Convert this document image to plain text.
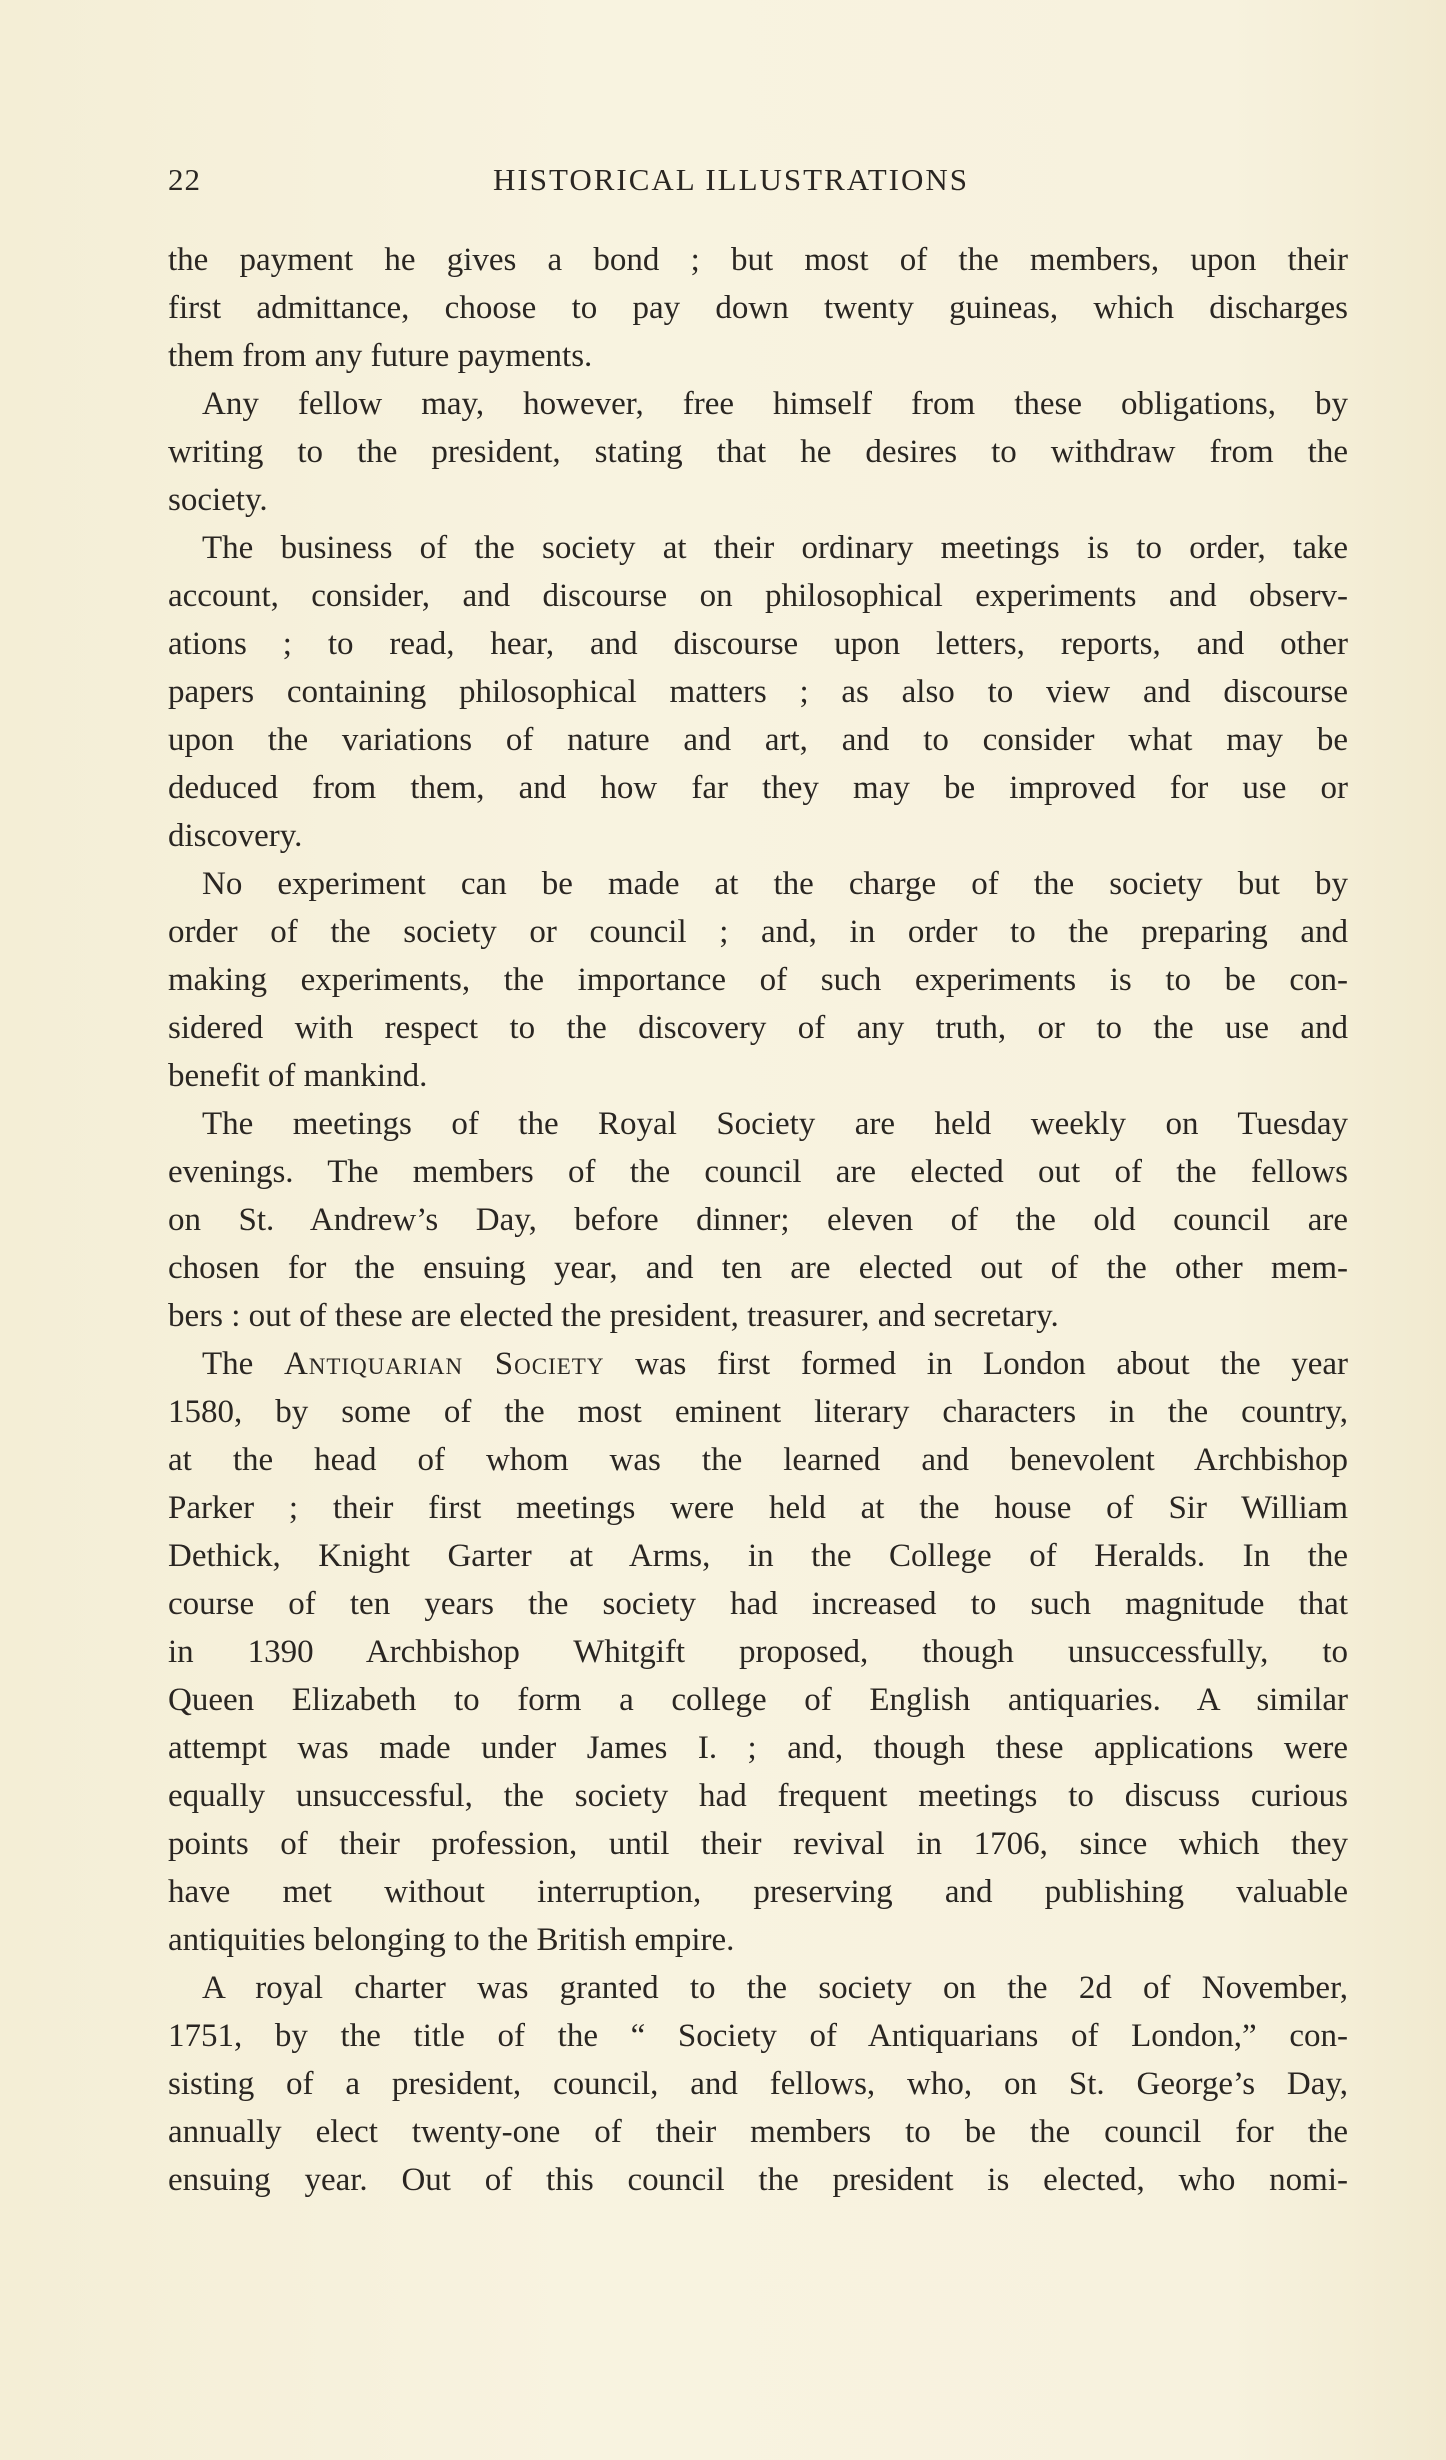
22	HISTORICAL ILLUSTRATIONS
the payment he gives a bond ; but most of the members, upon their
first admittance, choose to pay down twenty guineas, which discharges
them from any future payments.
Any fellow may, however, free himself from these obligations, by
writing to the president, stating that he desires to withdraw from the
society.
The business of the society at their ordinary meetings is to order, take
account, consider, and discourse on philosophical experiments and observ-
ations ; to read, hear, and discourse upon letters, reports, and other
papers containing philosophical matters ; as also to view and discourse
upon the variations of nature and art, and to consider what may be
deduced from them, and how far they may be improved for use or
discovery.
No experiment can be made at the charge of the society but by
order of the society or council ; and, in order to the preparing and
making experiments, the importance of such experiments is to be con-
sidered with respect to the discovery of any truth, or to the use and
benefit of mankind.
The meetings of the Royal Society are held weekly on Tuesday
evenings. The members of the council are elected out of the fellows
on St. Andrew’s Day, before dinner; eleven of the old council are
chosen for the ensuing year, and ten are elected out of the other mem-
bers : out of these are elected the president, treasurer, and secretary.
The Antiquarian Society was first formed in London about the year
1580, by some of the most eminent literary characters in the country,
at the head of whom was the learned and benevolent Archbishop
Parker ; their first meetings were held at the house of Sir William
Dethick, Knight Garter at Arms, in the College of Heralds. In the
course of ten years the society had increased to such magnitude that
in 1390 Archbishop Whitgift proposed, though unsuccessfully, to
Queen Elizabeth to form a college of English antiquaries. A similar
attempt was made under James I. ; and, though these applications were
equally unsuccessful, the society had frequent meetings to discuss curious
points of their profession, until their revival in 1706, since which they
have met without interruption, preserving and publishing valuable
antiquities belonging to the British empire.
A royal charter was granted to the society on the 2d of November,
1751, by the title of the “ Society of Antiquarians of London,” con-
sisting of a president, council, and fellows, who, on St. George’s Day,
annually elect twenty-one of their members to be the council for the
ensuing year. Out of this council the president is elected, who nomi-
